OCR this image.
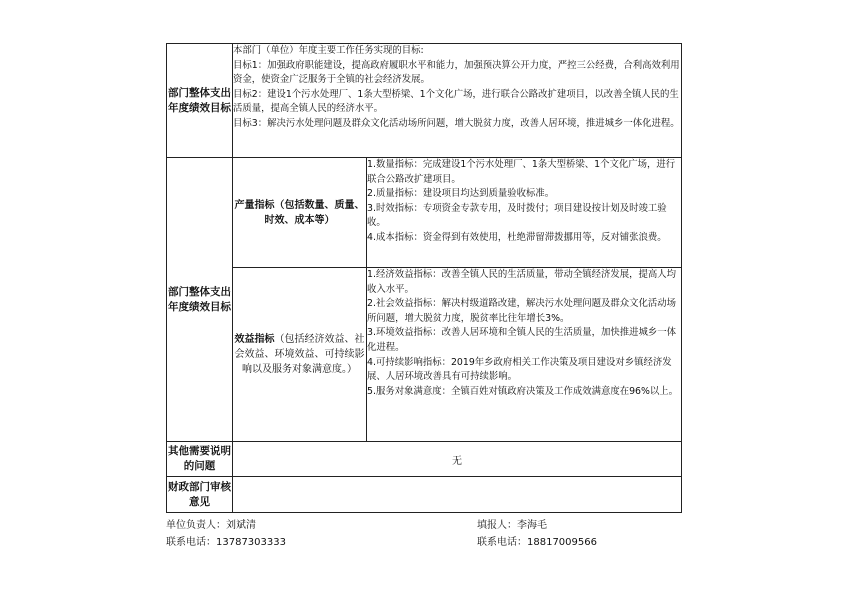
部门整体支出年度绩效目标	本部门（单位）年度主要工作任务实现的目标:
目标1：加强政府职能建设，提高政府履职水平和能力，加强预决算公开力度，严控三公经费，合利高效利用资金，使资金广泛服务于全镇的社会经济发展。
目标2：建设1个污水处理厂、1条大型桥梁、1个文化广场，进行联合公路改扩建项目，以改善全镇人民的生活质量，提高全镇人民的经济水平。
目标3：解决污水处理问题及群众文化活动场所问题，增大脱贫力度，改善人居环境，推进城乡一体化进程。	

部门整体支出年度绩效目标	产量指标（包括数量、质量、时效、成本等）	1.数量指标：完成建设1个污水处理厂、1条大型桥梁、1个文化广场，进行联合公路改扩建项目。
2.质量指标：建设项目均达到质量验收标准。
3.时效指标：专项资金专款专用，及时拨付；项目建设按计划及时竣工验收。
4.成本指标：资金得到有效使用，杜绝滞留滞拨挪用等，反对铺张浪费。

	效益指标（包括经济效益、社会效益、环境效益、可持续影响以及服务对象满意度。）	1.经济效益指标：改善全镇人民的生活质量，带动全镇经济发展，提高人均收入水平。
2.社会效益指标：解决村级道路改建，解决污水处理问题及群众文化活动场所问题，增大脱贫力度，脱贫率比往年增长3%。
3.环境效益指标：改善人居环境和全镇人民的生活质量，加快推进城乡一体化进程。
4.可持续影响指标：2019年乡政府相关工作决策及项目建设对乡镇经济发展、人居环境改善具有可持续影响。
5.服务对象满意度：全镇百姓对镇政府决策及工作成效满意度在96%以上。

其他需要说明的问题	无	
财政部门审核意见		
单位负责人：刘斌清
联系电话：13787303333
填报人：李海毛
联系电话：18817009566
